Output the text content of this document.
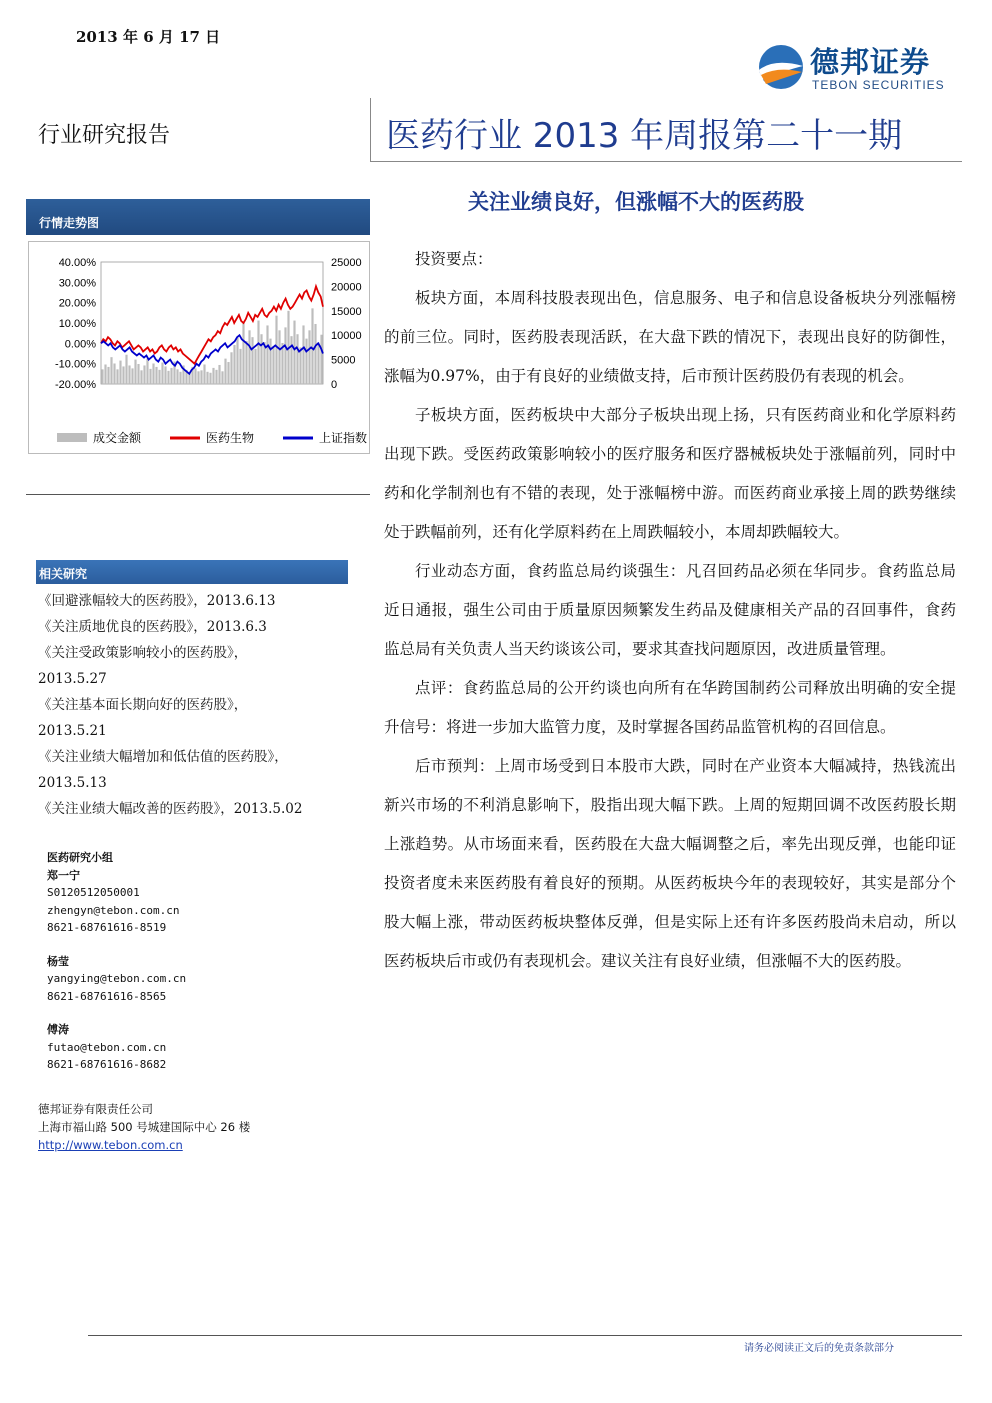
2013 年 6 月 17 日
德邦证券
TEBON SECURITIES
行业研究报告	医药行业 2013 年周报第二十一期
关注业绩良好，但涨幅不大的医药股
行情走势图
40.00%
30.00%
20.00%
10.00%
0.00%
-10.00%
-20.00%
25000
20000
15000
10000
5000
0
成交金额	医药生物	上证指数
相关研究
《回避涨幅较大的医药股》，2013.6.13
《关注质地优良的医药股》，2013.6.3
《关注受政策影响较小的医药股》，
2013.5.27
《关注基本面长期向好的医药股》，
2013.5.21
《关注业绩大幅增加和低估值的医药股》，
2013.5.13
《关注业绩大幅改善的医药股》，2013.5.02
医药研究小组
郑一宁
S0120512050001
zhengyn@tebon.com.cn
8621-68761616-8519
杨莹
yangying@tebon.com.cn
8621-68761616-8565
傅涛
futao@tebon.com.cn
8621-68761616-8682
德邦证券有限责任公司
上海市福山路 500 号城建国际中心 26 楼
http://www.tebon.com.cn

投资要点：

板块方面，本周科技股表现出色，信息服务、电子和信息设备板块分列涨幅榜的前三位。同时，医药股表现活跃，在大盘下跌的情况下，表现出良好的防御性，涨幅为0.97%，由于有良好的业绩做支持，后市预计医药股仍有表现的机会。

子板块方面，医药板块中大部分子板块出现上扬，只有医药商业和化学原料药出现下跌。受医药政策影响较小的医疗服务和医疗器械板块处于涨幅前列，同时中药和化学制剂也有不错的表现，处于涨幅榜中游。而医药商业承接上周的跌势继续处于跌幅前列，还有化学原料药在上周跌幅较小，本周却跌幅较大。

行业动态方面，食药监总局约谈强生：凡召回药品必须在华同步。食药监总局近日通报，强生公司由于质量原因频繁发生药品及健康相关产品的召回事件，食药监总局有关负责人当天约谈该公司，要求其查找问题原因，改进质量管理。

点评：食药监总局的公开约谈也向所有在华跨国制药公司释放出明确的安全提升信号：将进一步加大监管力度，及时掌握各国药品监管机构的召回信息。

后市预判：上周市场受到日本股市大跌，同时在产业资本大幅减持，热钱流出新兴市场的不利消息影响下，股指出现大幅下跌。上周的短期回调不改医药股长期上涨趋势。从市场面来看，医药股在大盘大幅调整之后，率先出现反弹，也能印证投资者度未来医药股有着良好的预期。从医药板块今年的表现较好，其实是部分个股大幅上涨，带动医药板块整体反弹，但是实际上还有许多医药股尚未启动，所以医药板块后市或仍有表现机会。建议关注有良好业绩，但涨幅不大的医药股。

请务必阅读正文后的免责条款部分
